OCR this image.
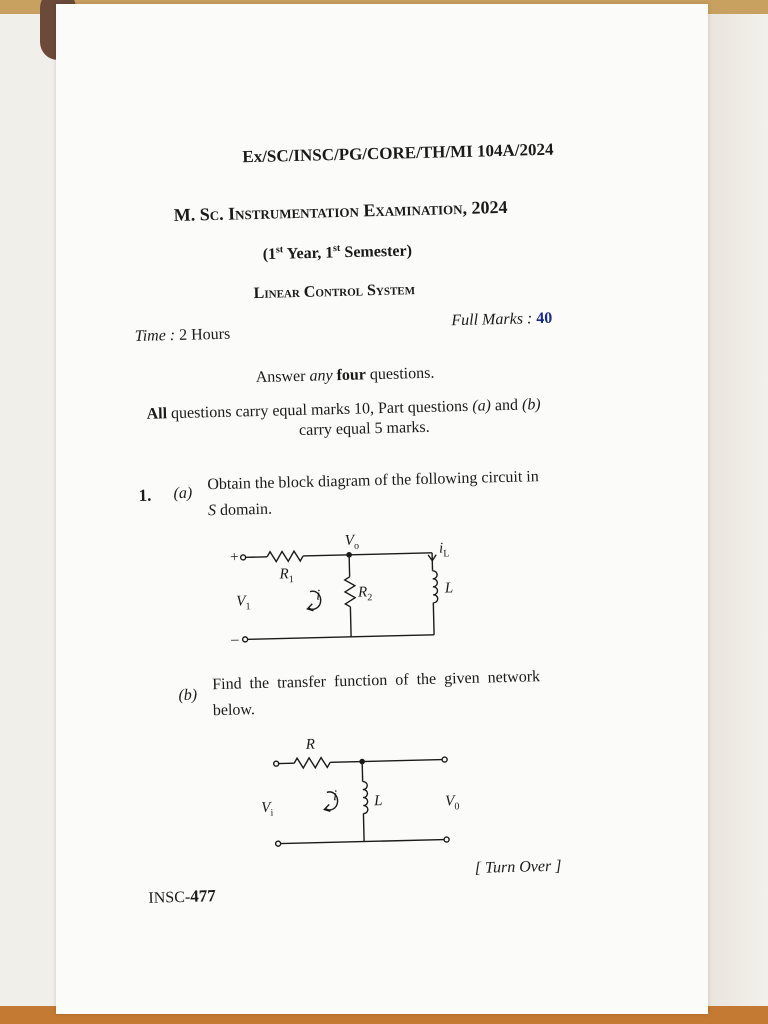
Ex/SC/INSC/PG/CORE/TH/MI 104A/2024
M. Sc. Instrumentation Examination, 2024
(1st Year, 1st Semester)
Linear Control System
Time : 2 Hours
Full Marks : 40
Answer any four questions.
All questions carry equal marks 10, Part questions (a) and (b)
carry equal 5 marks.
1. (a)
Obtain the block diagram of the following circuit in
S domain.
+
–
$V_1$
$V_o$
$R_1$
$R_2$
$i_L$
L
i
(b)
Find the transfer function of the given network
below.
R
$V_i$
$V_0$
L
i
[ Turn Over ]
INSC-477
